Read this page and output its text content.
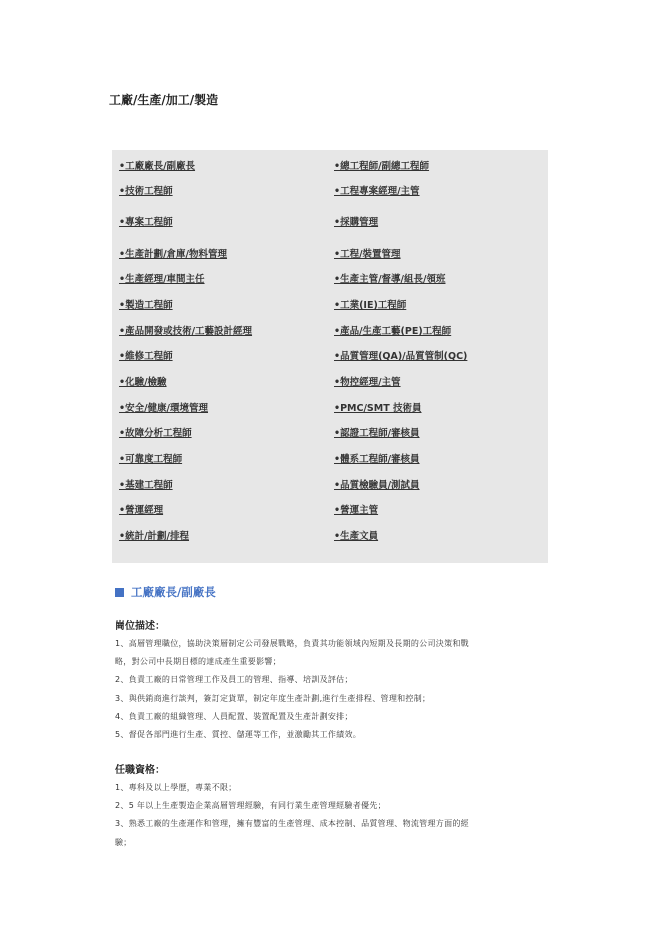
工廠/生產/加工/製造
•工廠廠長/副廠長	•總工程師/副總工程師
•技術工程師	•工程專案經理/主管
•專案工程師	•採購管理
•生產計劃/倉庫/物料管理	•工程/裝置管理
•生產經理/車間主任	•生產主管/督導/組長/領班
•製造工程師	•工業(IE)工程師
•產品開發或技術/工藝設計經理	•產品/生產工藝(PE)工程師
•維修工程師	•品質管理(QA)/品質管制(QC)
•化驗/檢驗	•物控經理/主管
•安全/健康/環境管理	•PMC/SMT 技術員
•故障分析工程師	•認證工程師/審核員
•可靠度工程師	•體系工程師/審核員
•基建工程師	•品質檢驗員/測試員
•營運經理	•營運主管
•統計/計劃/排程	•生產文員
工廠廠長/副廠長
崗位描述：
1、高層管理職位，協助決策層制定公司發展戰略，負責其功能領域內短期及長期的公司決策和戰
略，對公司中長期目標的達成產生重要影響；
2、負責工廠的日常管理工作及員工的管理、指導、培訓及評估；
3、與供銷商進行談判，簽訂定貨單，制定年度生產計劃,進行生產排程、管理和控制；
4、負責工廠的組織管理、人員配置、裝置配置及生產計劃安排；
5、督促各部門進行生產、質控、儲運等工作，並激勵其工作績效。
任職資格：
1、專科及以上學歷，專業不限；
2、5 年以上生產製造企業高層管理經驗，有同行業生產管理經驗者優先；
3、熟悉工廠的生產運作和管理，擁有豐富的生產管理、成本控制、品質管理、物流管理方面的經
驗；
